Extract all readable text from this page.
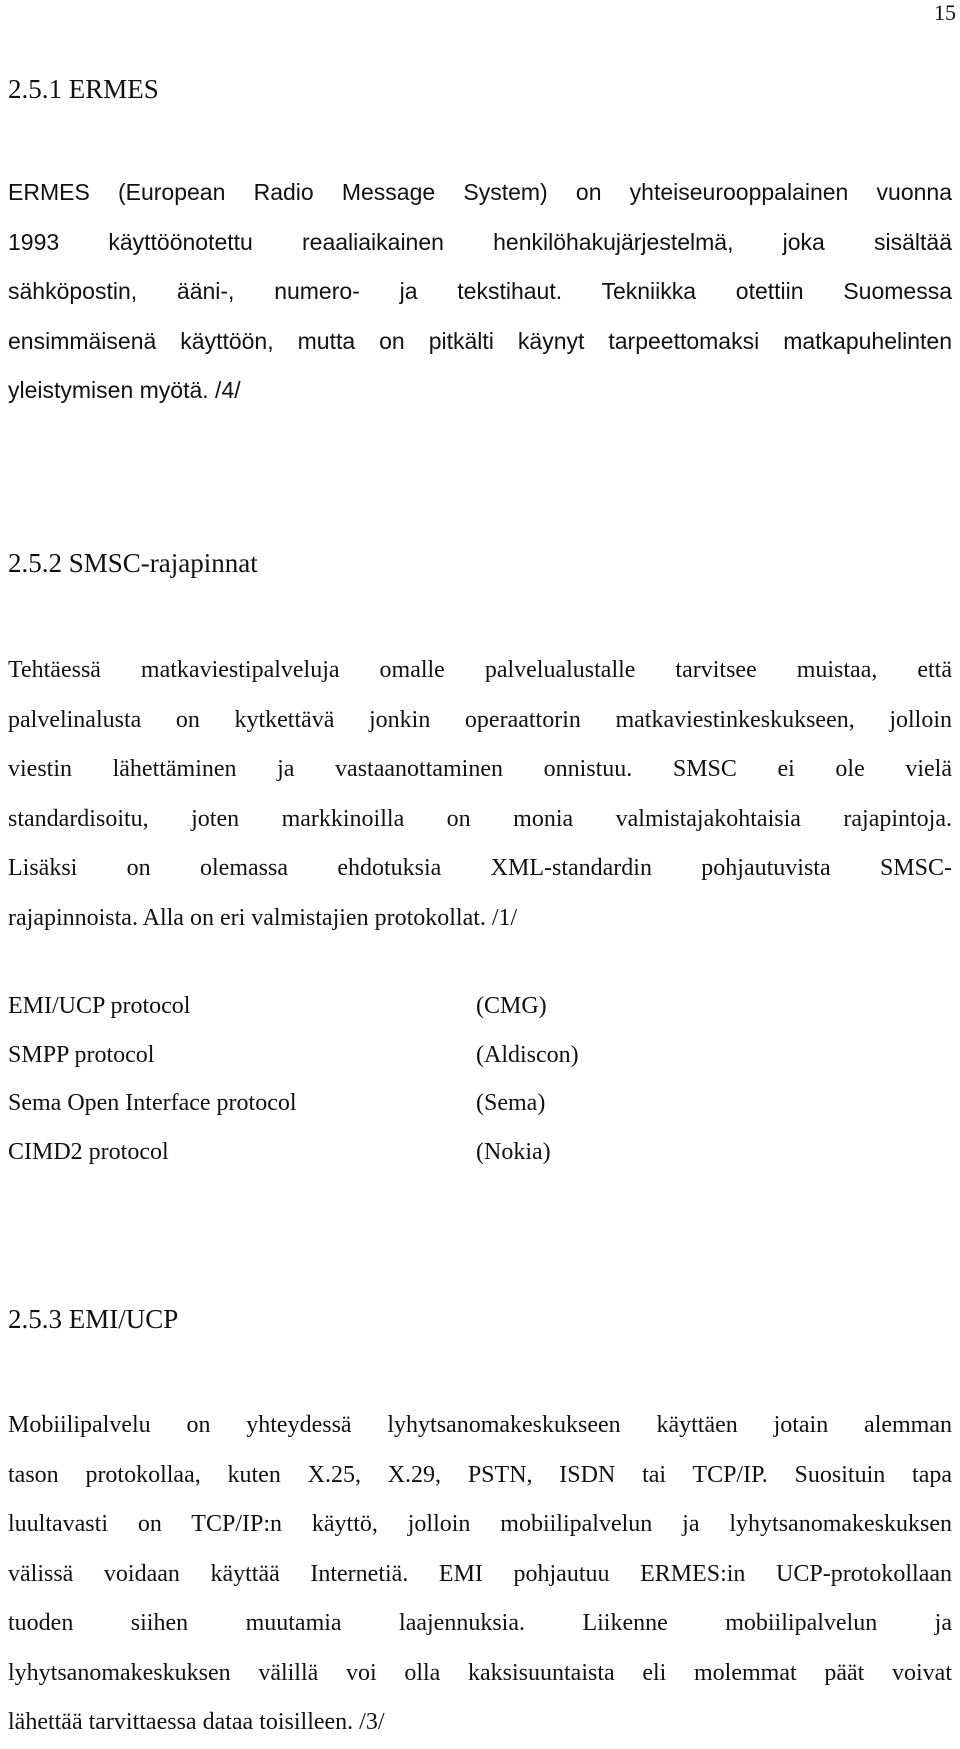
15
2.5.1 ERMES
ERMES (European Radio Message System) on yhteiseurooppalainen vuonna
1993 käyttöönotettu reaaliaikainen henkilöhakujärjestelmä, joka sisältää
sähköpostin, ääni-, numero- ja tekstihaut. Tekniikka otettiin Suomessa
ensimmäisenä käyttöön, mutta on pitkälti käynyt tarpeettomaksi matkapuhelinten
yleistymisen myötä. /4/
2.5.2 SMSC-rajapinnat
Tehtäessä matkaviestipalveluja omalle palvelualustalle tarvitsee muistaa, että
palvelinalusta on kytkettävä jonkin operaattorin matkaviestinkeskukseen, jolloin
viestin lähettäminen ja vastaanottaminen onnistuu. SMSC ei ole vielä
standardisoitu, joten markkinoilla on monia valmistajakohtaisia rajapintoja.
Lisäksi on olemassa ehdotuksia XML-standardin pohjautuvista SMSC-
rajapinnoista. Alla on eri valmistajien protokollat. /1/
EMI/UCP protocol	(CMG)
SMPP protocol	(Aldiscon)
Sema Open Interface protocol	(Sema)
CIMD2 protocol	(Nokia)
2.5.3 EMI/UCP
Mobiilipalvelu on yhteydessä lyhytsanomakeskukseen käyttäen jotain alemman
tason protokollaa, kuten X.25, X.29, PSTN, ISDN tai TCP/IP. Suosituin tapa
luultavasti on TCP/IP:n käyttö, jolloin mobiilipalvelun ja lyhytsanomakeskuksen
välissä voidaan käyttää Internetiä. EMI pohjautuu ERMES:in UCP-protokollaan
tuoden siihen muutamia laajennuksia. Liikenne mobiilipalvelun ja
lyhytsanomakeskuksen välillä voi olla kaksisuuntaista eli molemmat päät voivat
lähettää tarvittaessa dataa toisilleen. /3/
